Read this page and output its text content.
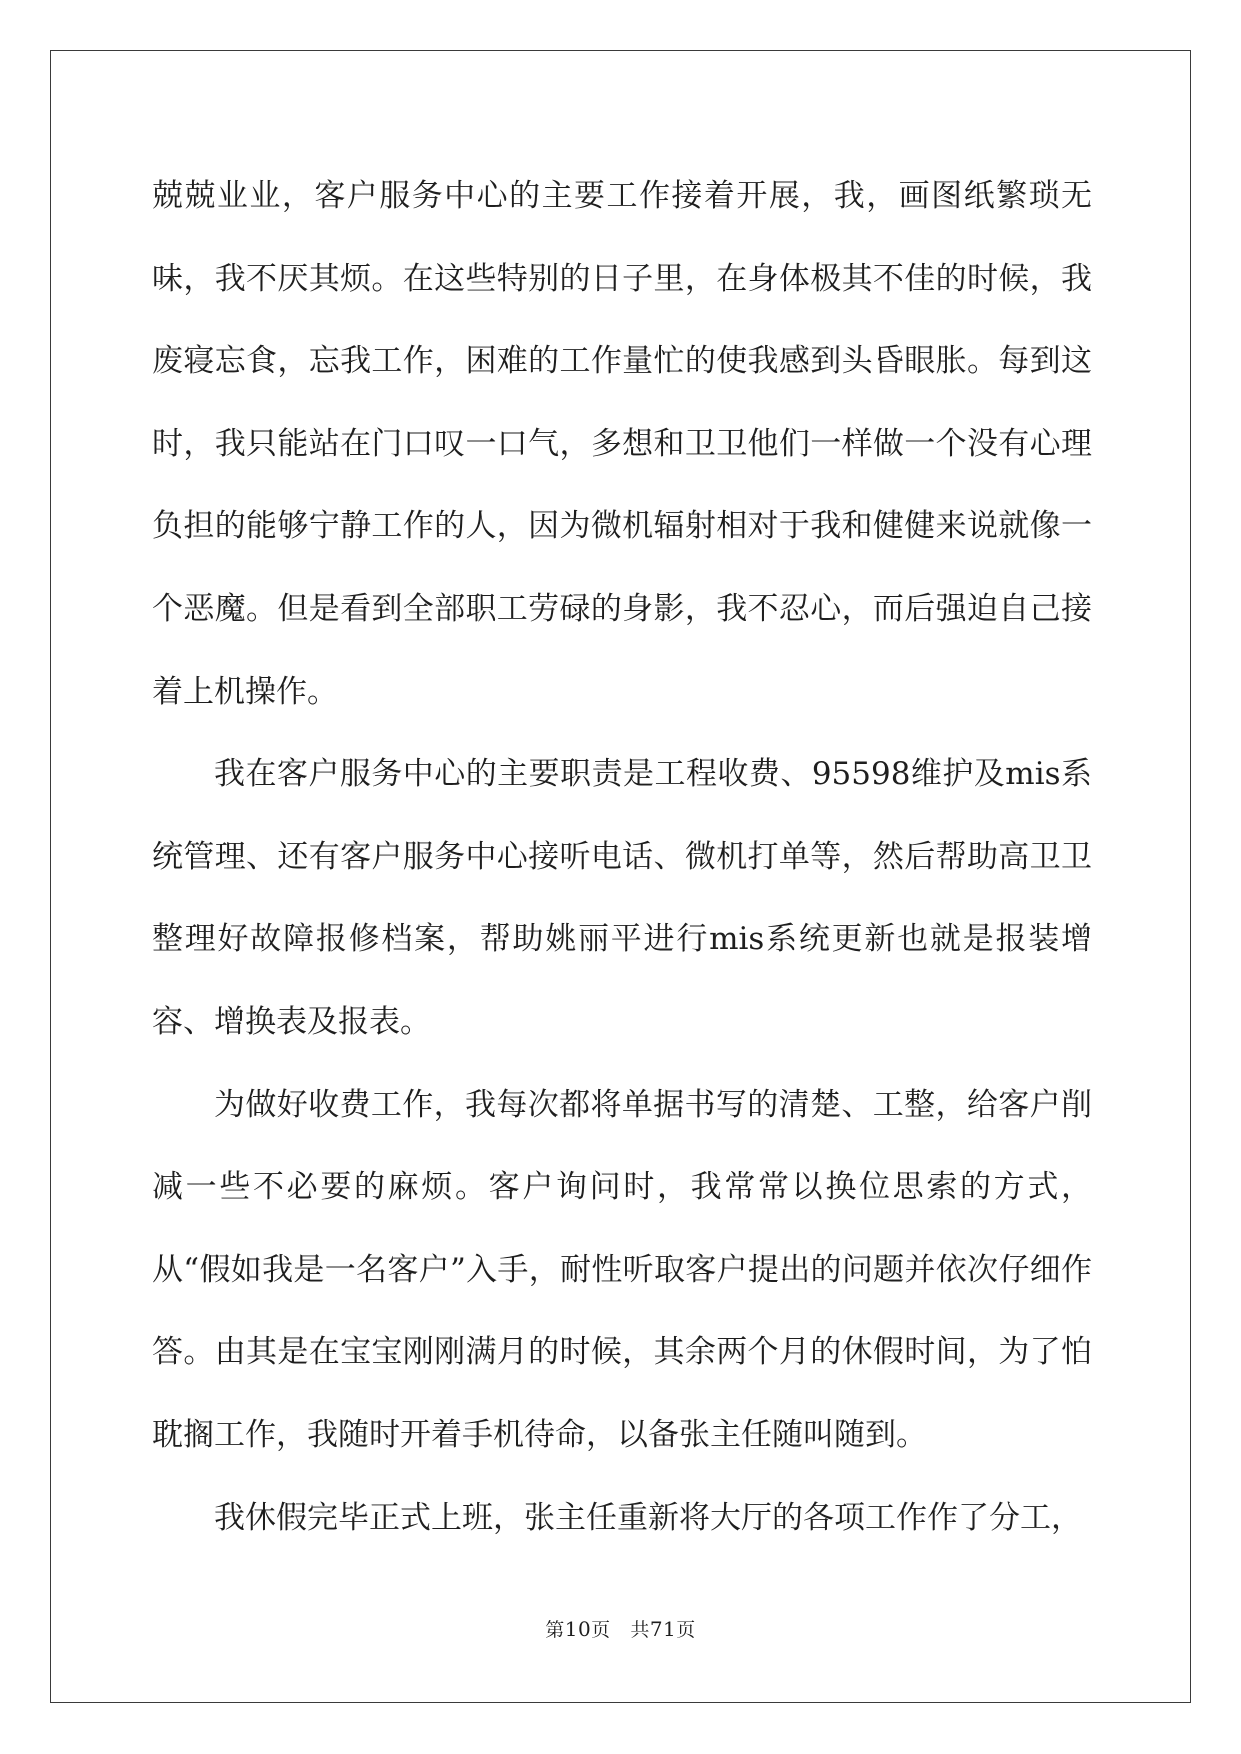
兢兢业业，客户服务中心的主要工作接着开展，我，画图纸繁琐无味，我不厌其烦。在这些特别的日子里，在身体极其不佳的时候，我废寝忘食，忘我工作，困难的工作量忙的使我感到头昏眼胀。每到这时，我只能站在门口叹一口气，多想和卫卫他们一样做一个没有心理负担的能够宁静工作的人，因为微机辐射相对于我和健健来说就像一个恶魔。但是看到全部职工劳碌的身影，我不忍心，而后强迫自己接着上机操作。

我在客户服务中心的主要职责是工程收费、95598维护及mis系统管理、还有客户服务中心接听电话、微机打单等，然后帮助高卫卫整理好故障报修档案，帮助姚丽平进行mis系统更新也就是报装增容、增换表及报表。

为做好收费工作，我每次都将单据书写的清楚、工整，给客户削减一些不必要的麻烦。客户询问时，我常常以换位思索的方式，从“假如我是一名客户”入手，耐性听取客户提出的问题并依次仔细作答。由其是在宝宝刚刚满月的时候，其余两个月的休假时间，为了怕耽搁工作，我随时开着手机待命，以备张主任随叫随到。

我休假完毕正式上班，张主任重新将大厅的各项工作作了分工，

第10页 共71页
